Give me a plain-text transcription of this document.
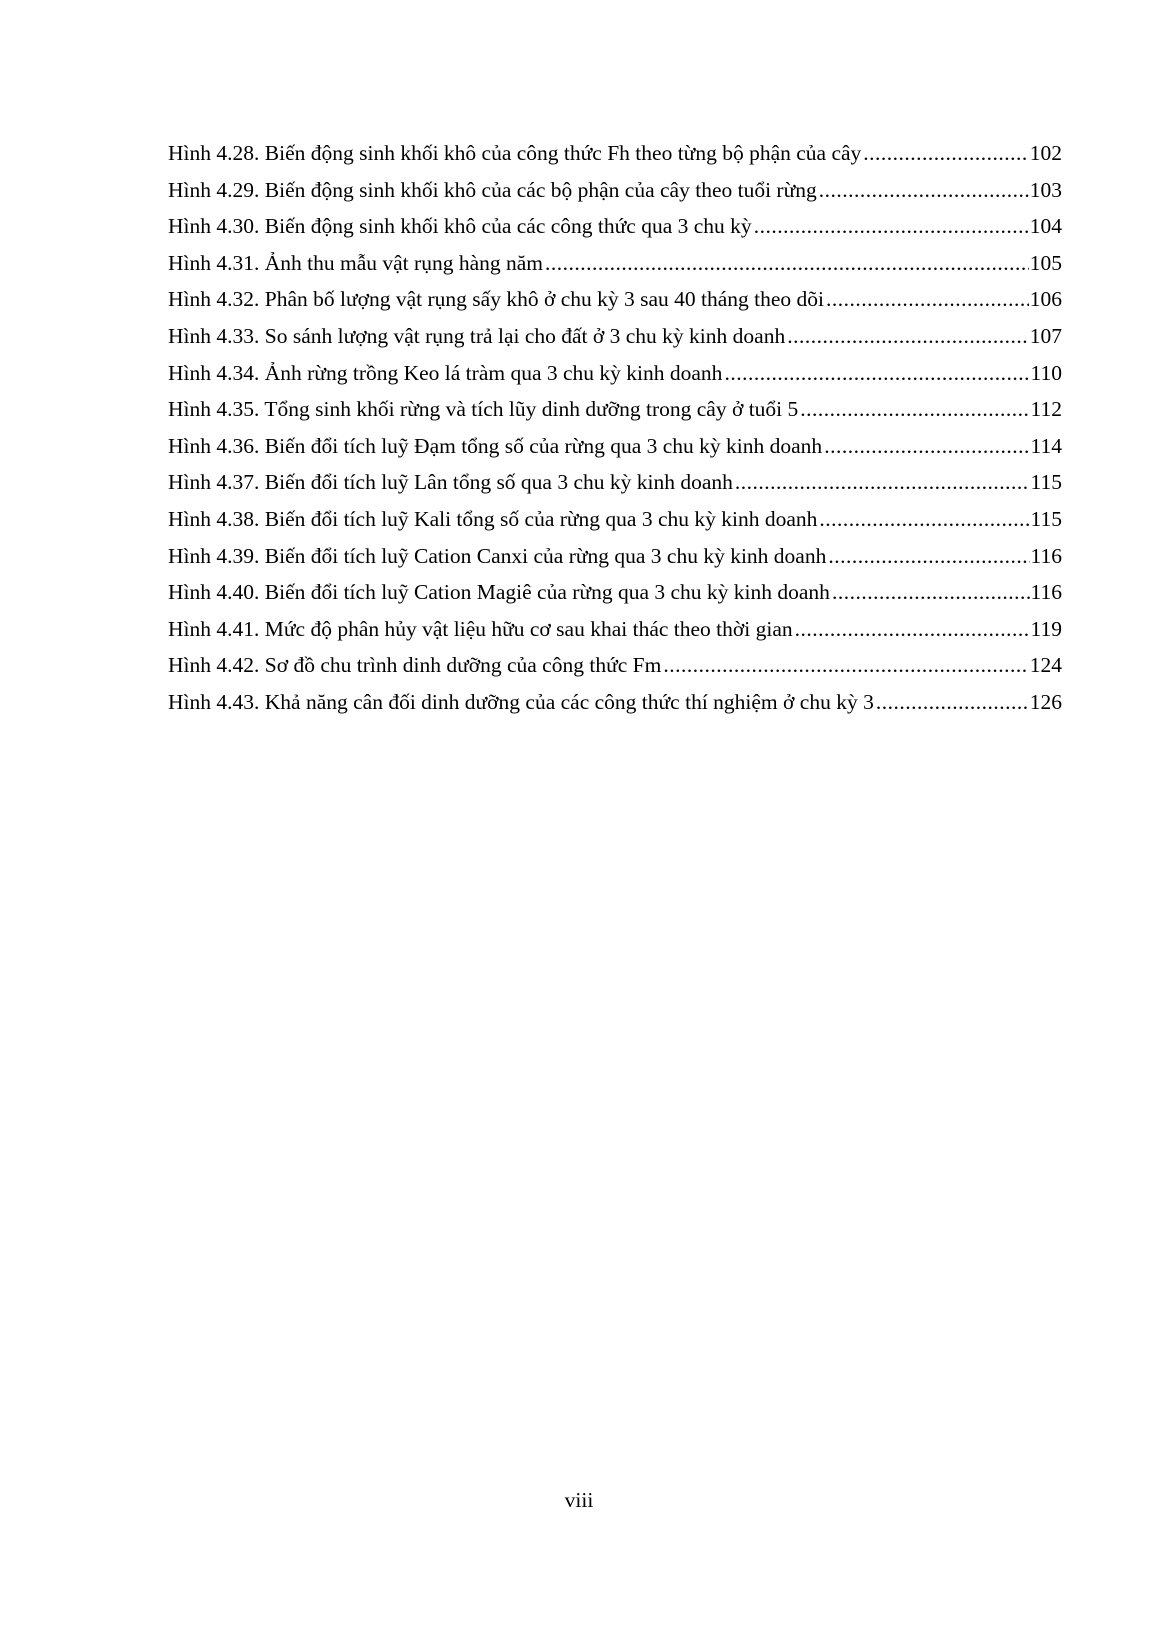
Hình 4.28. Biến động sinh khối khô của công thức Fh theo từng bộ phận của cây .....	102
Hình 4.29. Biến động sinh khối khô của các bộ phận của cây theo tuổi rừng .....	103
Hình 4.30. Biến động sinh khối khô của các công thức qua 3 chu kỳ .....	104
Hình 4.31. Ảnh thu mẫu vật rụng hàng năm .....	105
Hình 4.32. Phân bố lượng vật rụng sấy khô ở chu kỳ 3 sau 40 tháng theo dõi .....	106
Hình 4.33. So sánh lượng vật rụng trả lại cho đất ở 3 chu kỳ kinh doanh .....	107
Hình 4.34. Ảnh rừng trồng Keo lá tràm qua 3 chu kỳ kinh doanh .....	110
Hình 4.35. Tổng sinh khối rừng và tích lũy dinh dưỡng trong cây ở tuổi 5 .....	112
Hình 4.36. Biến đổi tích luỹ Đạm tổng số của rừng qua 3 chu kỳ kinh doanh .....	114
Hình 4.37. Biến đổi tích luỹ Lân tổng số qua 3 chu kỳ kinh doanh .....	115
Hình 4.38. Biến đổi tích luỹ Kali tổng số của rừng qua 3 chu kỳ kinh doanh .....	115
Hình 4.39. Biến đổi tích luỹ Cation Canxi của rừng qua 3 chu kỳ kinh doanh .....	116
Hình 4.40. Biến đổi tích luỹ Cation Magiê của rừng qua 3 chu kỳ kinh doanh .....	116
Hình 4.41. Mức độ phân hủy vật liệu hữu cơ sau khai thác theo thời gian .....	119
Hình 4.42. Sơ đồ chu trình dinh dưỡng của công thức Fm .....	124
Hình 4.43. Khả năng cân đối dinh dưỡng của các công thức thí nghiệm ở chu kỳ 3 .....	126
viii
